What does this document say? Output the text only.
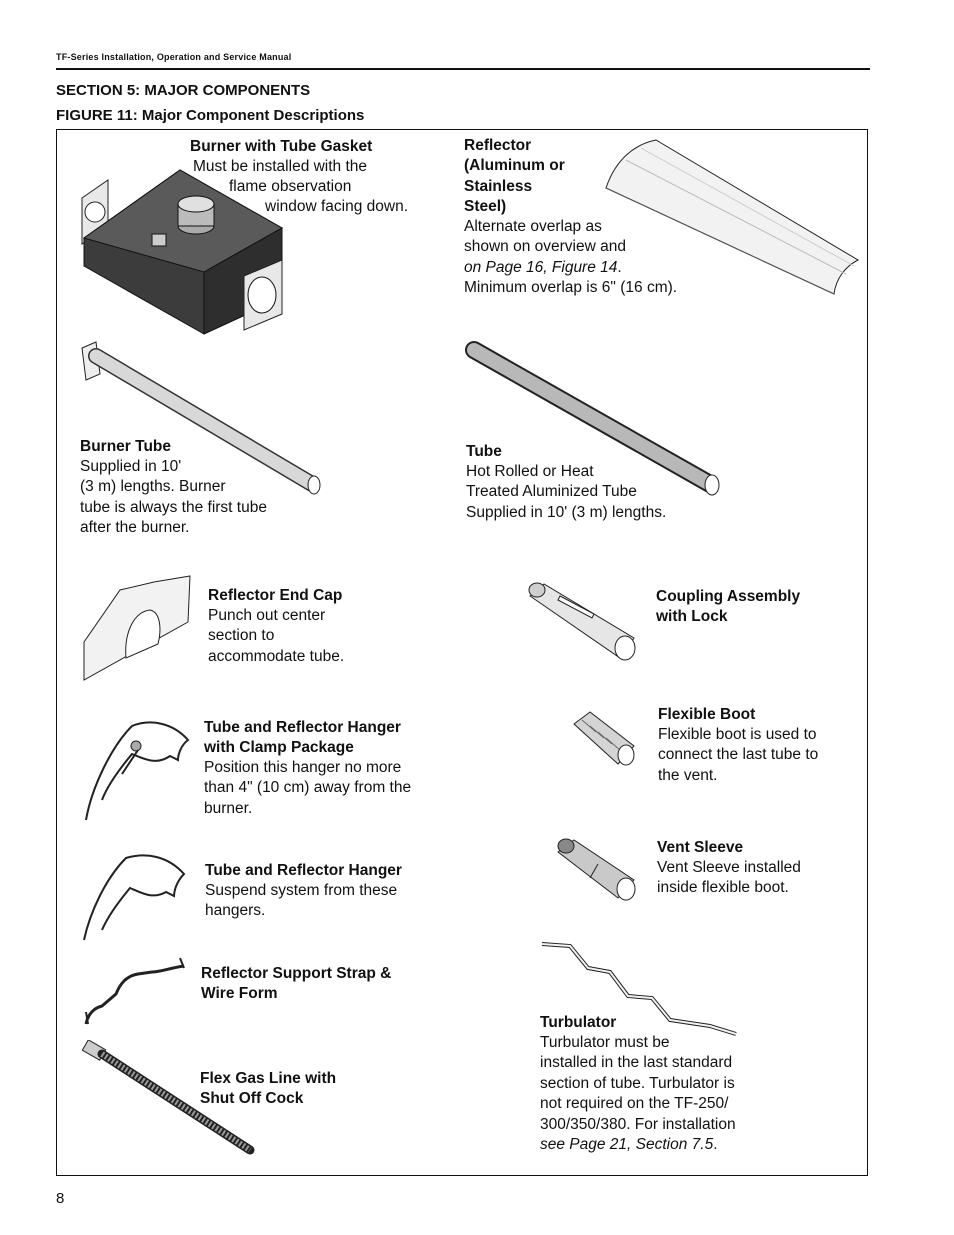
TF-Series Installation, Operation and Service Manual
SECTION 5: MAJOR COMPONENTS
FIGURE 11: Major Component Descriptions
Burner with Tube Gasket
Must be installed with the
flame observation
window facing down.
Reflector
(Aluminum or
Stainless
Steel)
Alternate overlap as
shown on overview and
on Page 16, Figure 14.
Minimum overlap is 6" (16 cm).
Burner Tube
Supplied in 10'
(3 m) lengths. Burner
tube is always the first tube
after the burner.
Tube
Hot Rolled or Heat
Treated Aluminized Tube
Supplied in 10' (3 m) lengths.
Reflector End Cap
Punch out center
section to
accommodate tube.
Coupling Assembly
with Lock
Tube and Reflector Hanger
with Clamp Package
Position this hanger no more
than 4" (10 cm) away from the
burner.
Flexible Boot
Flexible boot is used to
connect the last tube to
the vent.
Tube and Reflector Hanger
Suspend system from these
hangers.
Vent Sleeve
Vent Sleeve installed
inside flexible boot.
Reflector Support Strap &
Wire Form
Turbulator
Turbulator must be
installed in the last standard
section of tube. Turbulator is
not required on the TF-250/
300/350/380. For installation
see Page 21, Section 7.5.
Flex Gas Line with
Shut Off Cock
8
